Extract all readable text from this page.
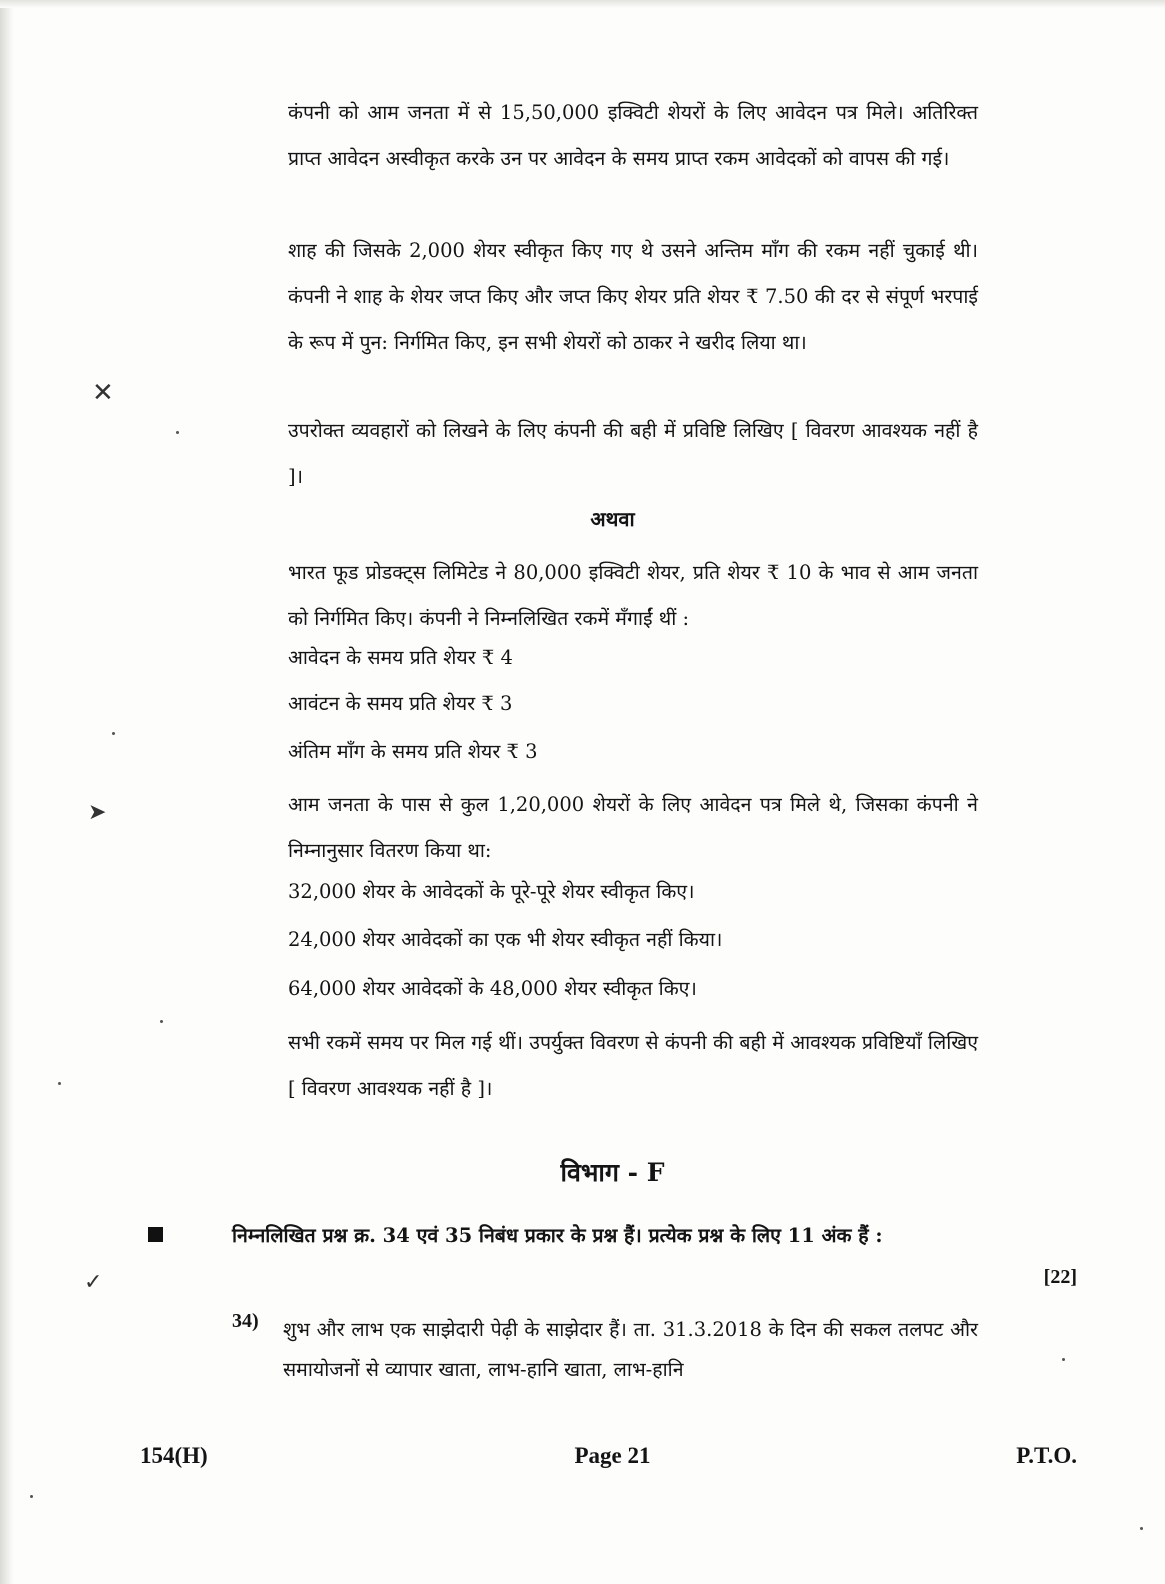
✕
➤
✓
कंपनी को आम जनता में से 15,50,000 इक्विटी शेयरों के लिए आवेदन पत्र मिले। अतिरिक्त प्राप्त आवेदन अस्वीकृत करके उन पर आवेदन के समय प्राप्त रकम आवेदकों को वापस की गई।
शाह की जिसके 2,000 शेयर स्वीकृत किए गए थे उसने अन्तिम माँग की रकम नहीं चुकाई थी। कंपनी ने शाह के शेयर जप्त किए और जप्त किए शेयर प्रति शेयर ₹ 7.50 की दर से संपूर्ण भरपाई के रूप में पुन: निर्गमित किए, इन सभी शेयरों को ठाकर ने खरीद लिया था।
उपरोक्त व्यवहारों को लिखने के लिए कंपनी की बही में प्रविष्टि लिखिए [ विवरण आवश्यक नहीं है ]।
अथवा
भारत फूड प्रोडक्ट्स लिमिटेड ने 80,000 इक्विटी शेयर, प्रति शेयर ₹ 10 के भाव से आम जनता को निर्गमित किए। कंपनी ने निम्नलिखित रकमें मँगाईं थीं :
आवेदन के समय प्रति शेयर ₹ 4
आवंटन के समय प्रति शेयर ₹ 3
अंतिम माँग के समय प्रति शेयर ₹ 3
आम जनता के पास से कुल 1,20,000 शेयरों के लिए आवेदन पत्र मिले थे, जिसका कंपनी ने निम्नानुसार वितरण किया था:
32,000 शेयर के आवेदकों के पूरे-पूरे शेयर स्वीकृत किए।
24,000 शेयर आवेदकों का एक भी शेयर स्वीकृत नहीं किया।
64,000 शेयर आवेदकों के 48,000 शेयर स्वीकृत किए।
सभी रकमें समय पर मिल गई थीं। उपर्युक्त विवरण से कंपनी की बही में आवश्यक प्रविष्टियाँ लिखिए [ विवरण आवश्यक नहीं है ]।
विभाग - F
निम्नलिखित प्रश्न क्र. 34 एवं 35 निबंध प्रकार के प्रश्न हैं। प्रत्येक प्रश्न के लिए 11 अंक हैं :
[22]
34) शुभ और लाभ एक साझेदारी पेढ़ी के साझेदार हैं। ता. 31.3.2018 के दिन की सकल तलपट और समायोजनों से व्यापार खाता, लाभ-हानि खाता, लाभ-हानि
154(H)	Page 21	P.T.O.
